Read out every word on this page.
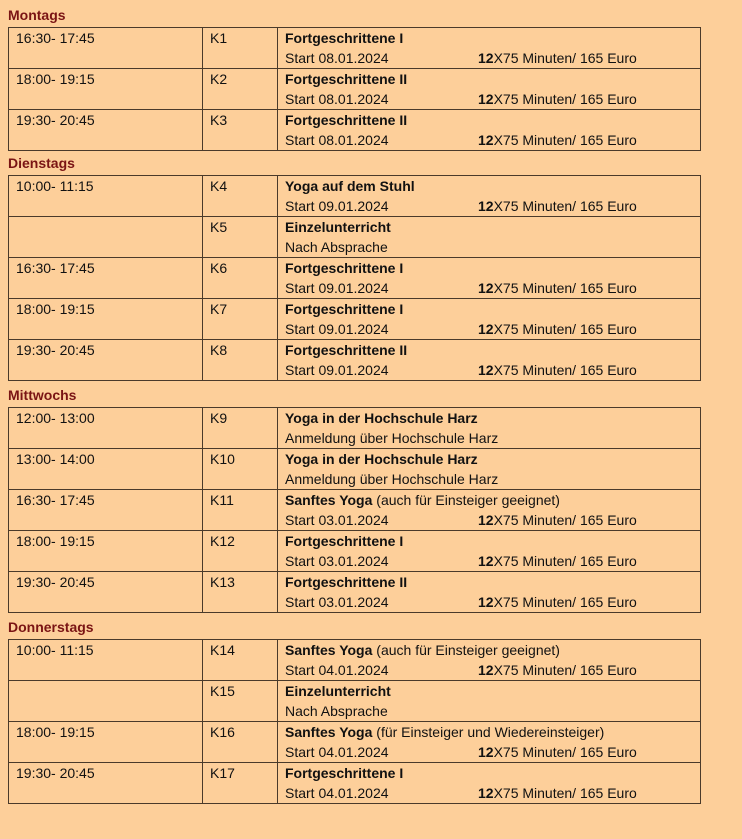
Montags
16:30- 17:45	K1	Fortgeschrittene I
Start 08.01.2024 12X75 Minuten/ 165 Euro

18:00- 19:15	K2	Fortgeschrittene II
Start 08.01.2024 12X75 Minuten/ 165 Euro

19:30- 20:45	K3	Fortgeschrittene II
Start 08.01.2024 12X75 Minuten/ 165 Euro
Dienstags
10:00- 11:15	K4	Yoga auf dem Stuhl
Start 09.01.2024 12X75 Minuten/ 165 Euro

	K5	Einzelunterricht
Nach Absprache

16:30- 17:45	K6	Fortgeschrittene I
Start 09.01.2024 12X75 Minuten/ 165 Euro

18:00- 19:15	K7	Fortgeschrittene I
Start 09.01.2024 12X75 Minuten/ 165 Euro

19:30- 20:45	K8	Fortgeschrittene II
Start 09.01.2024 12X75 Minuten/ 165 Euro
Mittwochs
12:00- 13:00	K9	Yoga in der Hochschule Harz
Anmeldung über Hochschule Harz

13:00- 14:00	K10	Yoga in der Hochschule Harz
Anmeldung über Hochschule Harz

16:30- 17:45	K11	Sanftes Yoga (auch für Einsteiger geeignet)
Start 03.01.2024 12X75 Minuten/ 165 Euro

18:00- 19:15	K12	Fortgeschrittene I
Start 03.01.2024 12X75 Minuten/ 165 Euro

19:30- 20:45	K13	Fortgeschrittene II
Start 03.01.2024 12X75 Minuten/ 165 Euro
Donnerstags
10:00- 11:15	K14	Sanftes Yoga (auch für Einsteiger geeignet)
Start 04.01.2024 12X75 Minuten/ 165 Euro

	K15	Einzelunterricht
Nach Absprache

18:00- 19:15	K16	Sanftes Yoga (für Einsteiger und Wiedereinsteiger)
Start 04.01.2024 12X75 Minuten/ 165 Euro

19:30- 20:45	K17	Fortgeschrittene I
Start 04.01.2024 12X75 Minuten/ 165 Euro
